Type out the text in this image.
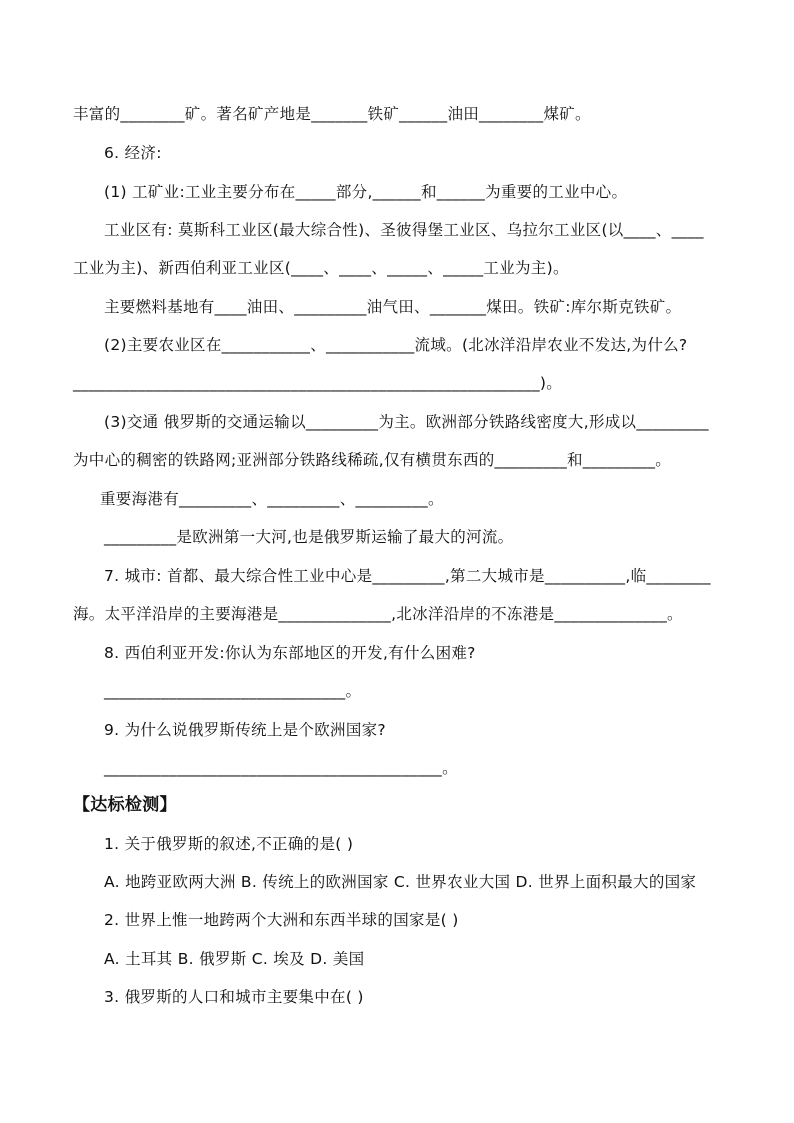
丰富的________矿。著名矿产地是_______铁矿______油田________煤矿。
6. 经济:
(1) 工矿业:工业主要分布在_____部分,______和______为重要的工业中心。
工业区有: 莫斯科工业区(最大综合性)、圣彼得堡工业区、乌拉尔工业区(以____、____
工业为主)、新西伯利亚工业区(____、____、_____、_____工业为主)。
主要燃料基地有____油田、_________油气田、_______煤田。铁矿:库尔斯克铁矿。
(2)主要农业区在___________、___________流域。(北冰洋沿岸农业不发达,为什么?
__________________________________________________________)。
(3)交通 俄罗斯的交通运输以_________为主。欧洲部分铁路线密度大,形成以_________
为中心的稠密的铁路网;亚洲部分铁路线稀疏,仅有横贯东西的_________和_________。
重要海港有_________、_________、_________。
_________是欧洲第一大河,也是俄罗斯运输了最大的河流。
7. 城市: 首都、最大综合性工业中心是_________,第二大城市是__________,临________
海。太平洋沿岸的主要海港是______________,北冰洋沿岸的不冻港是______________。
8. 西伯利亚开发:你认为东部地区的开发,有什么困难?
______________________________。
9. 为什么说俄罗斯传统上是个欧洲国家?
__________________________________________。
【达标检测】
1. 关于俄罗斯的叙述,不正确的是( )
A. 地跨亚欧两大洲 B. 传统上的欧洲国家 C. 世界农业大国 D. 世界上面积最大的国家
2. 世界上惟一地跨两个大洲和东西半球的国家是( )
A. 土耳其 B. 俄罗斯 C. 埃及 D. 美国
3. 俄罗斯的人口和城市主要集中在( )
